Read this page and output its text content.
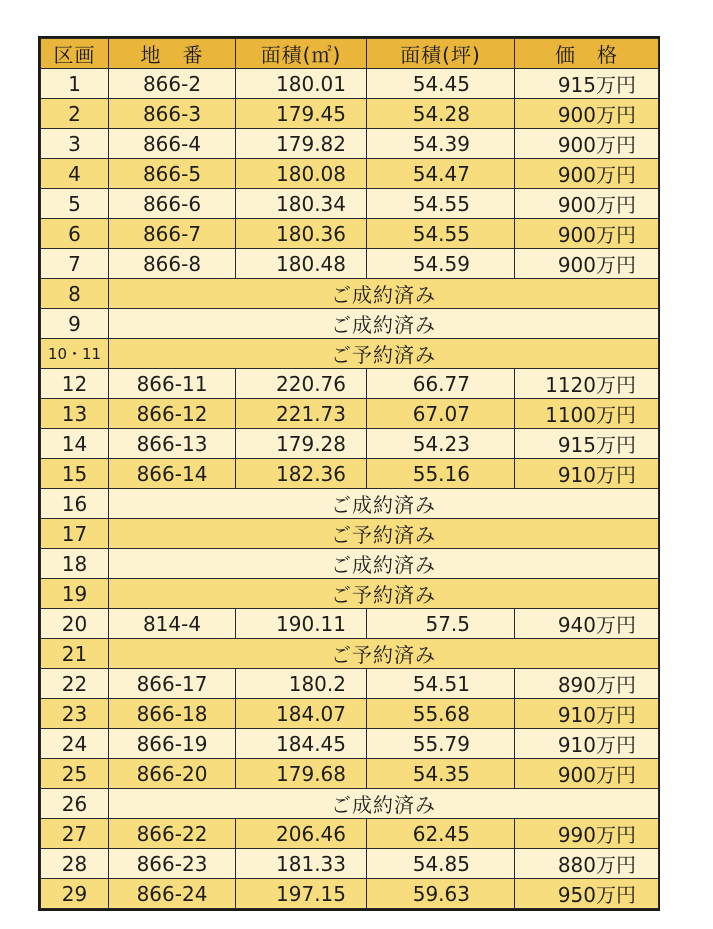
区画	地　番	面積(㎡)	面積(坪)	価　格
1	866-2	180.01	54.45	915万円
2	866-3	179.45	54.28	900万円
3	866-4	179.82	54.39	900万円
4	866-5	180.08	54.47	900万円
5	866-6	180.34	54.55	900万円
6	866-7	180.36	54.55	900万円
7	866-8	180.48	54.59	900万円
8	ご成約済み			
9	ご成約済み			
10・11	ご予約済み			
12	866-11	220.76	66.77	1120万円
13	866-12	221.73	67.07	1100万円
14	866-13	179.28	54.23	915万円
15	866-14	182.36	55.16	910万円
16	ご成約済み			
17	ご予約済み			
18	ご成約済み			
19	ご予約済み			
20	814-4	190.11	57.5	940万円
21	ご予約済み			
22	866-17	180.2	54.51	890万円
23	866-18	184.07	55.68	910万円
24	866-19	184.45	55.79	910万円
25	866-20	179.68	54.35	900万円
26	ご成約済み			
27	866-22	206.46	62.45	990万円
28	866-23	181.33	54.85	880万円
29	866-24	197.15	59.63	950万円
